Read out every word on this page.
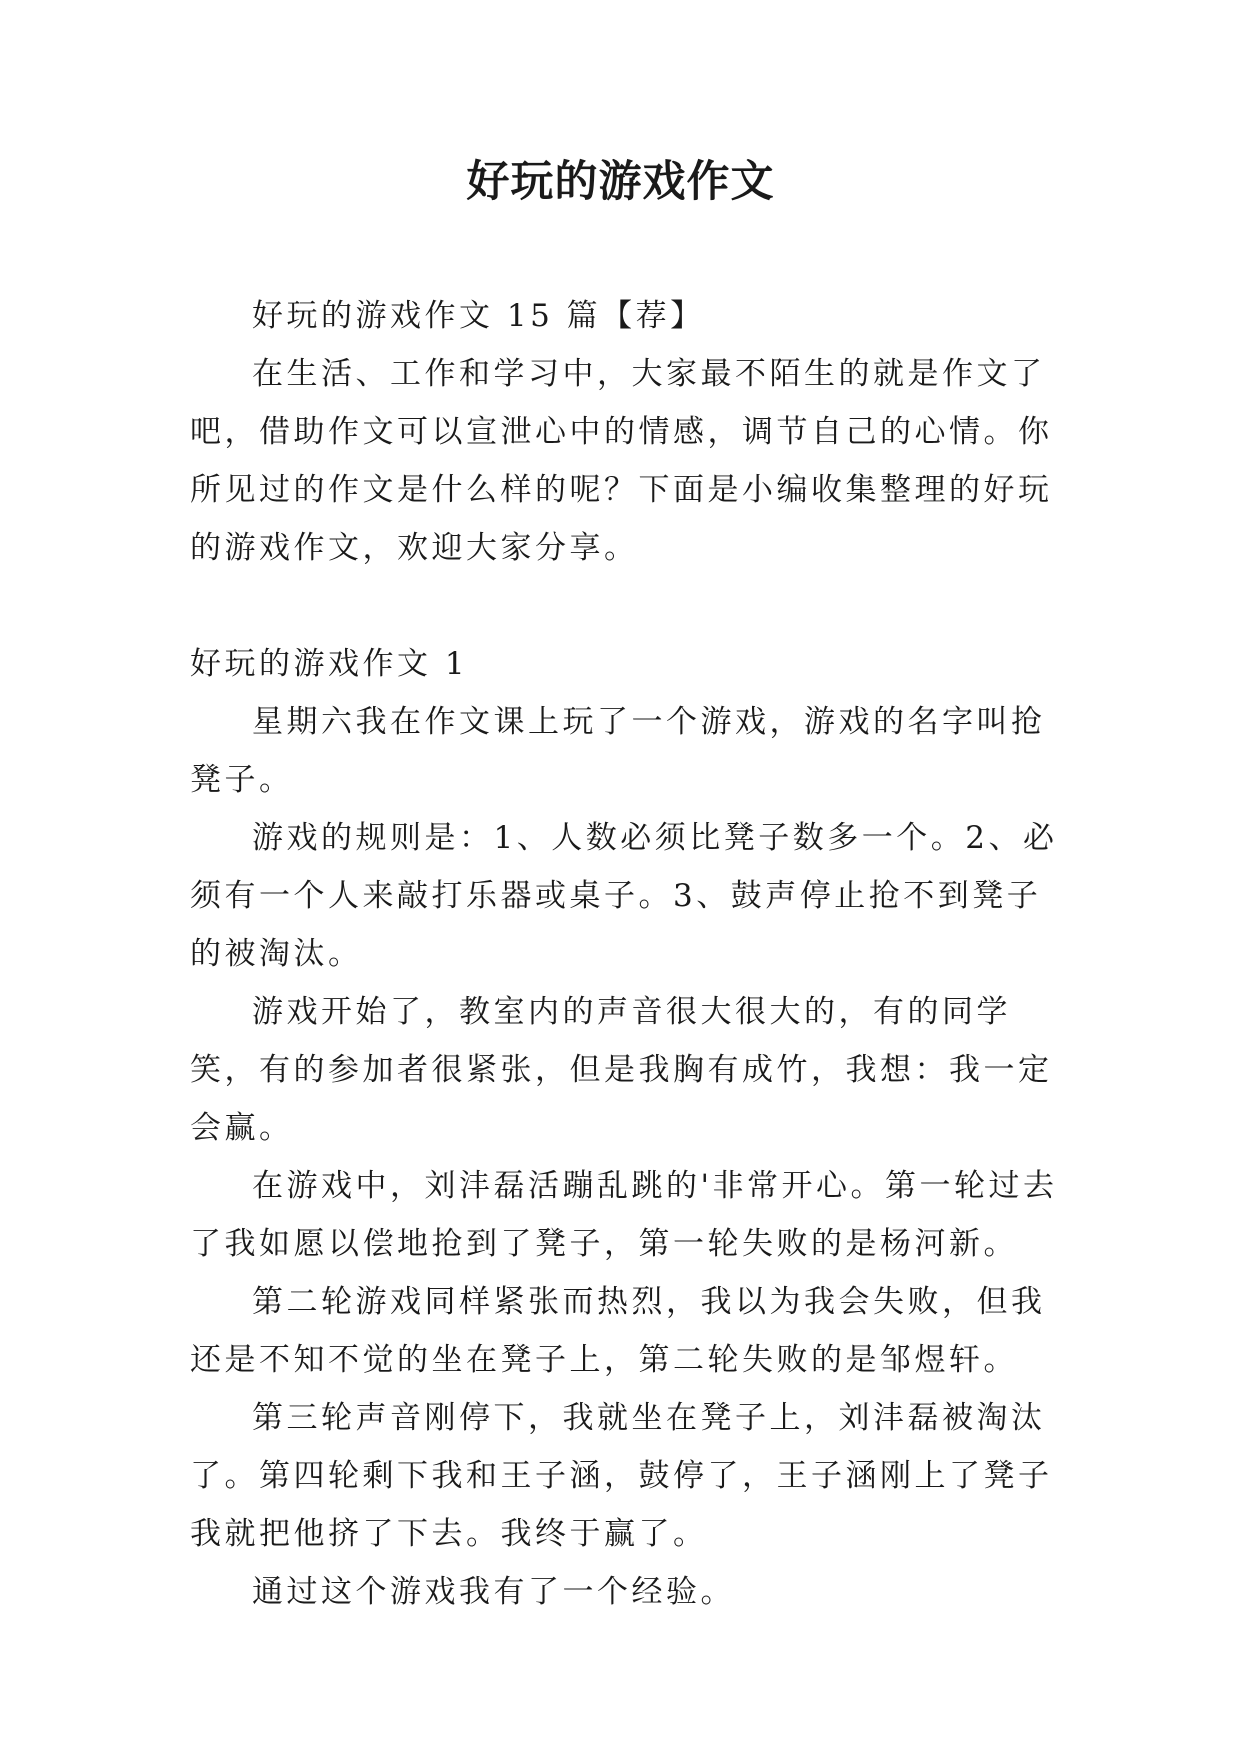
好玩的游戏作文

好玩的游戏作文 15 篇【荐】

在生活、工作和学习中，大家最不陌生的就是作文了吧，借助作文可以宣泄心中的情感，调节自己的心情。你所见过的作文是什么样的呢？下面是小编收集整理的好玩的游戏作文，欢迎大家分享。

好玩的游戏作文 1

星期六我在作文课上玩了一个游戏，游戏的名字叫抢凳子。

游戏的规则是：1、人数必须比凳子数多一个。2、必须有一个人来敲打乐器或桌子。3、鼓声停止抢不到凳子的被淘汰。

游戏开始了，教室内的声音很大很大的，有的同学笑，有的参加者很紧张，但是我胸有成竹，我想：我一定会赢。

在游戏中，刘沣磊活蹦乱跳的'非常开心。第一轮过去了我如愿以偿地抢到了凳子，第一轮失败的是杨河新。

第二轮游戏同样紧张而热烈，我以为我会失败，但我还是不知不觉的坐在凳子上，第二轮失败的是邹煜轩。

第三轮声音刚停下，我就坐在凳子上，刘沣磊被淘汰了。第四轮剩下我和王子涵，鼓停了，王子涵刚上了凳子我就把他挤了下去。我终于赢了。

通过这个游戏我有了一个经验。
